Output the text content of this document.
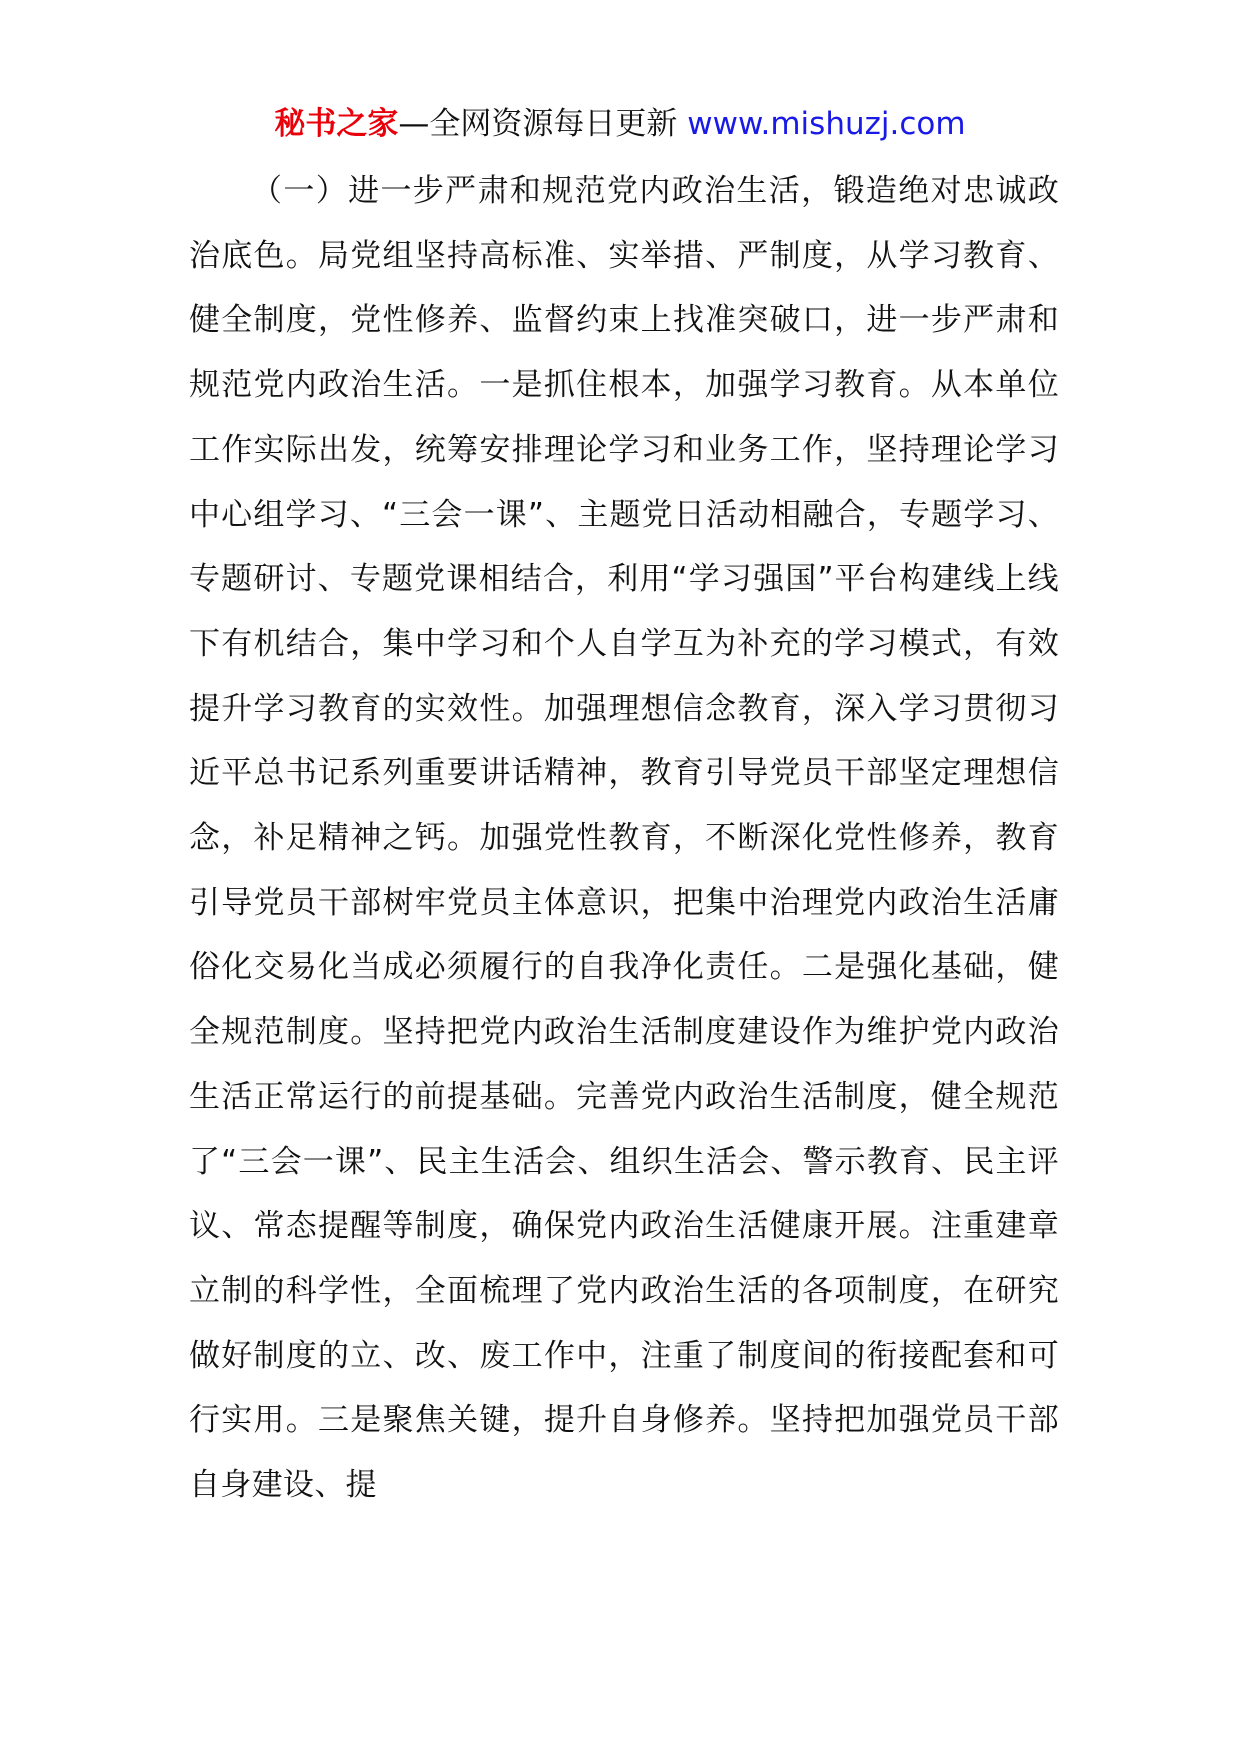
秘书之家—全网资源每日更新 www.mishuzj.com

（一）进一步严肃和规范党内政治生活，锻造绝对忠诚政治底色。局党组坚持高标准、实举措、严制度，从学习教育、健全制度，党性修养、监督约束上找准突破口，进一步严肃和规范党内政治生活。一是抓住根本，加强学习教育。从本单位工作实际出发，统筹安排理论学习和业务工作，坚持理论学习中心组学习、“三会一课”、主题党日活动相融合，专题学习、专题研讨、专题党课相结合，利用“学习强国”平台构建线上线下有机结合，集中学习和个人自学互为补充的学习模式，有效提升学习教育的实效性。加强理想信念教育，深入学习贯彻习近平总书记系列重要讲话精神，教育引导党员干部坚定理想信念，补足精神之钙。加强党性教育，不断深化党性修养，教育引导党员干部树牢党员主体意识，把集中治理党内政治生活庸俗化交易化当成必须履行的自我净化责任。二是强化基础，健全规范制度。坚持把党内政治生活制度建设作为维护党内政治生活正常运行的前提基础。完善党内政治生活制度，健全规范了“三会一课”、民主生活会、组织生活会、警示教育、民主评议、常态提醒等制度，确保党内政治生活健康开展。注重建章立制的科学性，全面梳理了党内政治生活的各项制度，在研究做好制度的立、改、废工作中，注重了制度间的衔接配套和可行实用。三是聚焦关键，提升自身修养。坚持把加强党员干部自身建设、提
